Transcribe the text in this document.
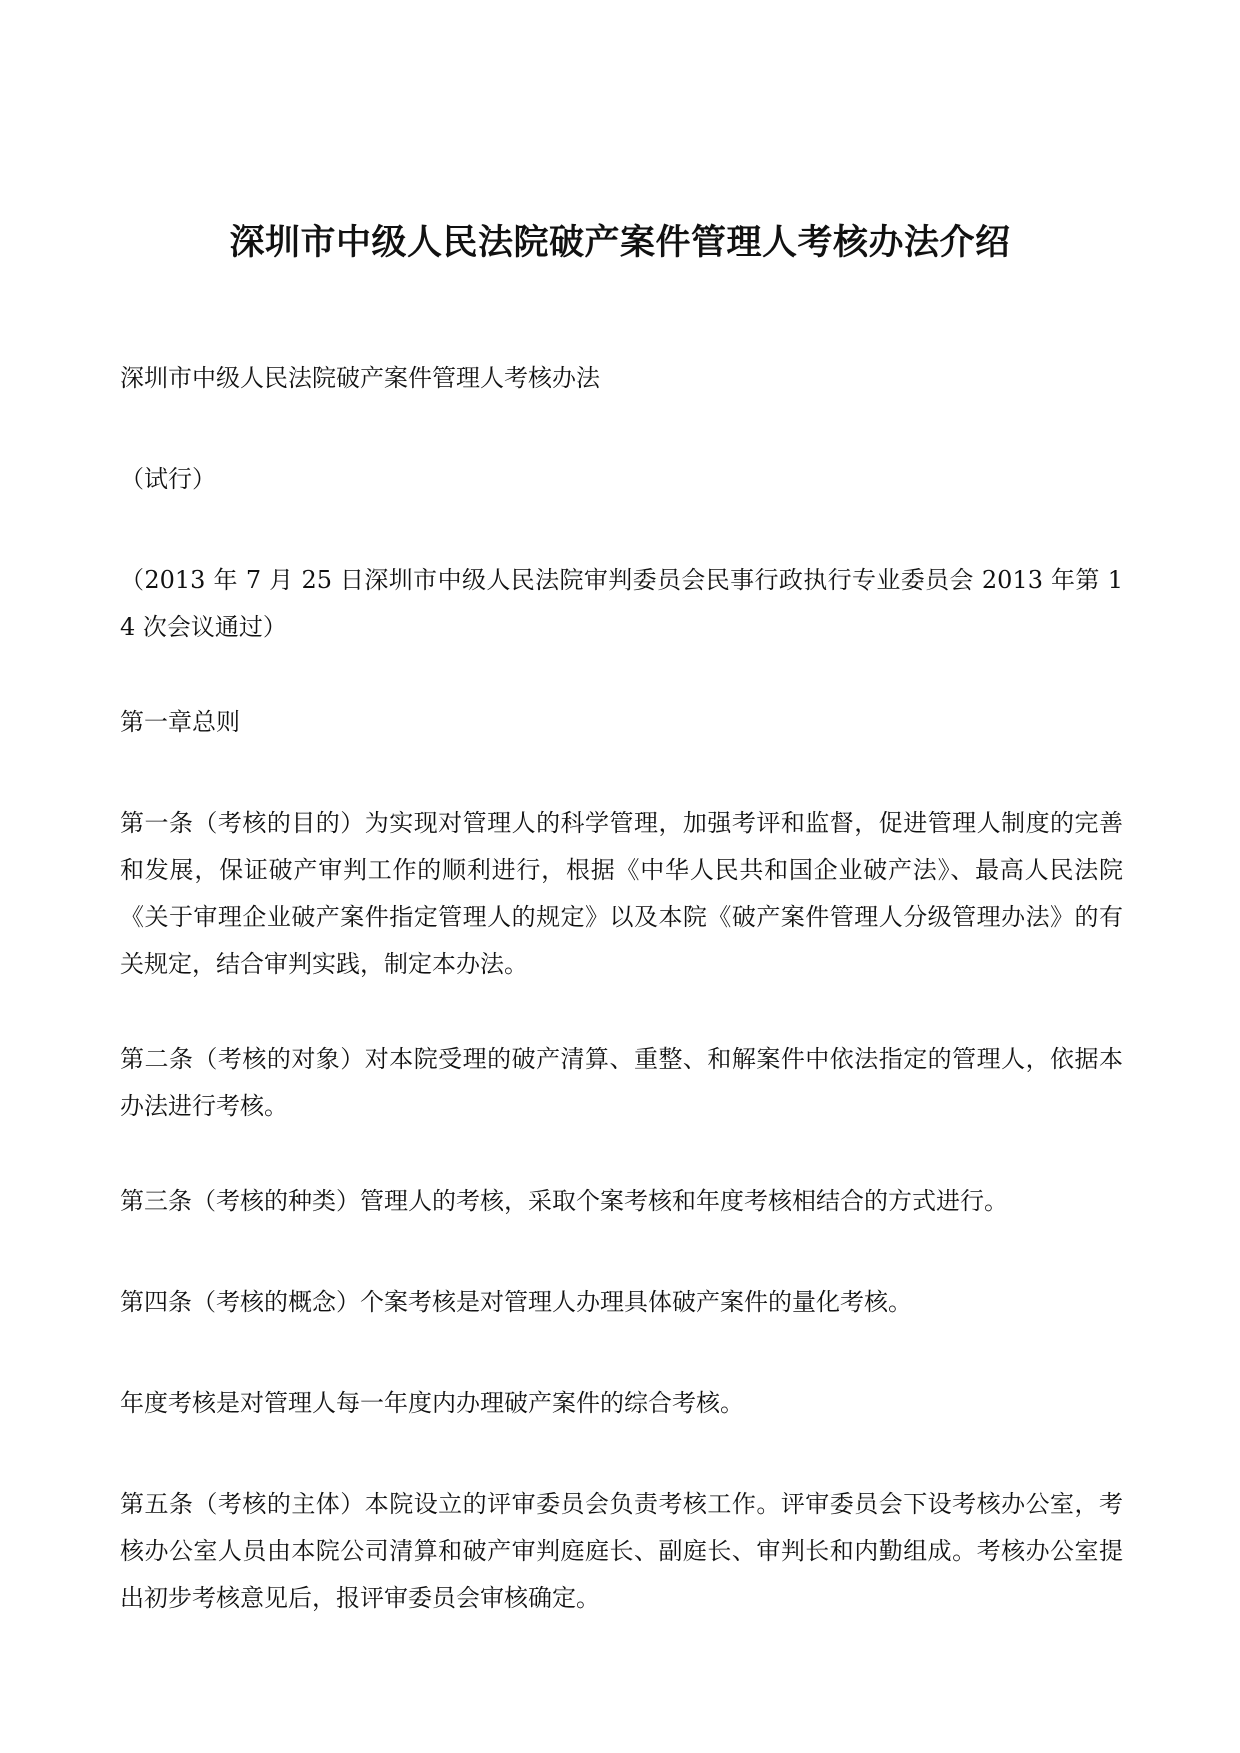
深圳市中级人民法院破产案件管理人考核办法介绍

深圳市中级人民法院破产案件管理人考核办法

（试行）

（2013 年 7 月 25 日深圳市中级人民法院审判委员会民事行政执行专业委员会 2013 年第 14 次会议通过）

第一章总则

第一条（考核的目的）为实现对管理人的科学管理，加强考评和监督，促进管理人制度的完善和发展，保证破产审判工作的顺利进行，根据《中华人民共和国企业破产法》、最高人民法院《关于审理企业破产案件指定管理人的规定》以及本院《破产案件管理人分级管理办法》的有关规定，结合审判实践，制定本办法。

第二条（考核的对象）对本院受理的破产清算、重整、和解案件中依法指定的管理人，依据本办法进行考核。

第三条（考核的种类）管理人的考核，采取个案考核和年度考核相结合的方式进行。

第四条（考核的概念）个案考核是对管理人办理具体破产案件的量化考核。

年度考核是对管理人每一年度内办理破产案件的综合考核。

第五条（考核的主体）本院设立的评审委员会负责考核工作。评审委员会下设考核办公室，考核办公室人员由本院公司清算和破产审判庭庭长、副庭长、审判长和内勤组成。考核办公室提出初步考核意见后，报评审委员会审核确定。
